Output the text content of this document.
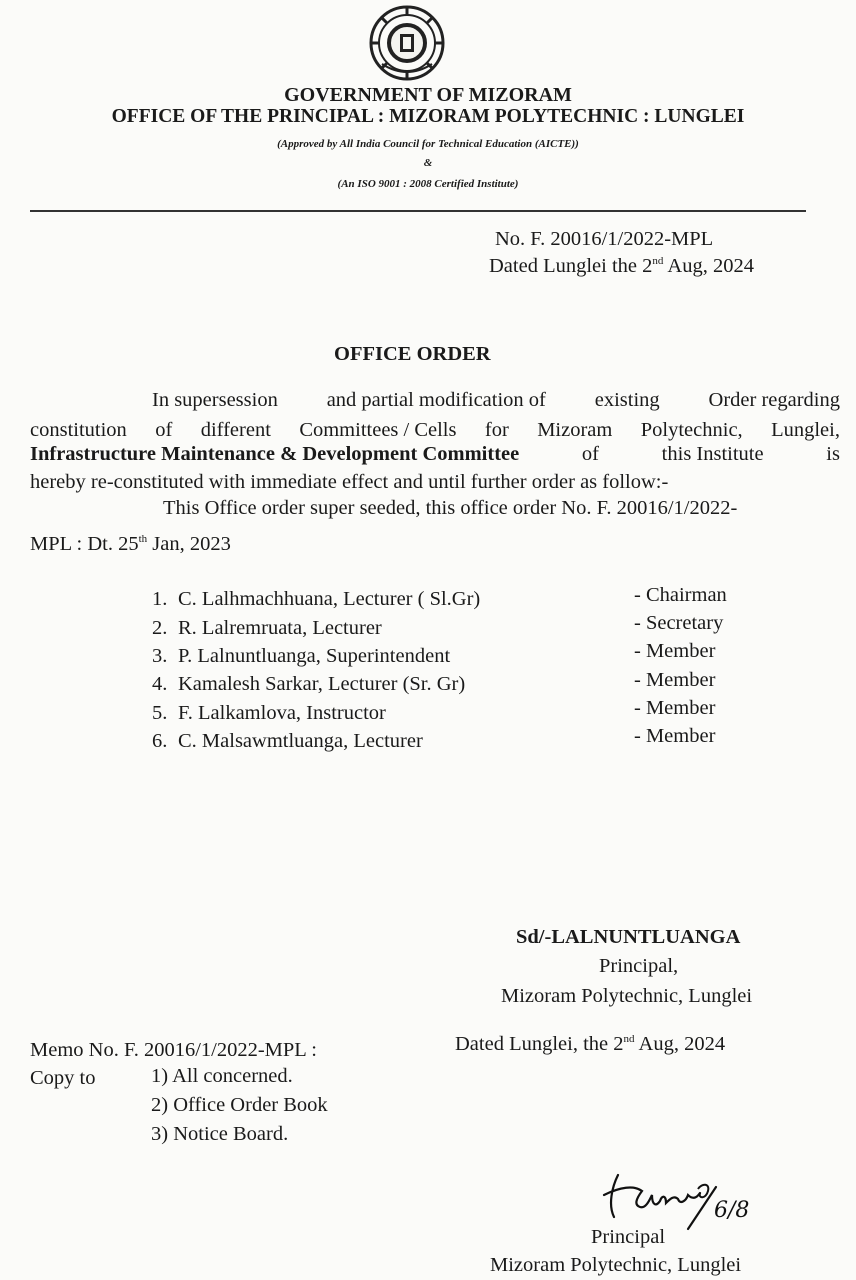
GOVERNMENT OF MIZORAM
OFFICE OF THE PRINCIPAL : MIZORAM POLYTECHNIC : LUNGLEI
(Approved by All India Council for Technical Education (AICTE))
&
(An ISO 9001 : 2008 Certified Institute)
No. F. 20016/1/2022-MPL
Dated Lunglei the 2nd Aug, 2024
OFFICE ORDER
In supersession and partial modification of existing Order regarding
constitution of different Committees / Cells for Mizoram Polytechnic, Lunglei,
Infrastructure Maintenance & Development Committee	of	this Institute	is
hereby re-constituted with immediate effect and until further order as follow:-
This Office order super seeded, this office order No. F. 20016/1/2022-
MPL : Dt. 25th Jan, 2023
1. C. Lalhmachhuana, Lecturer ( Sl.Gr)	- Chairman
2. R. Lalremruata, Lecturer	- Secretary
3. P. Lalnuntluanga, Superintendent	- Member
4. Kamalesh Sarkar, Lecturer (Sr. Gr)	- Member
5. F. Lalkamlova, Instructor	- Member
6. C. Malsawmtluanga, Lecturer	- Member
Sd/-LALNUNTLUANGA
Principal,
Mizoram Polytechnic, Lunglei
Memo No. F. 20016/1/2022-MPL :	Dated Lunglei, the 2nd Aug, 2024
Copy to	1) All concerned.
2) Office Order Book
3) Notice Board.
6/8
Principal
Mizoram Polytechnic, Lunglei
